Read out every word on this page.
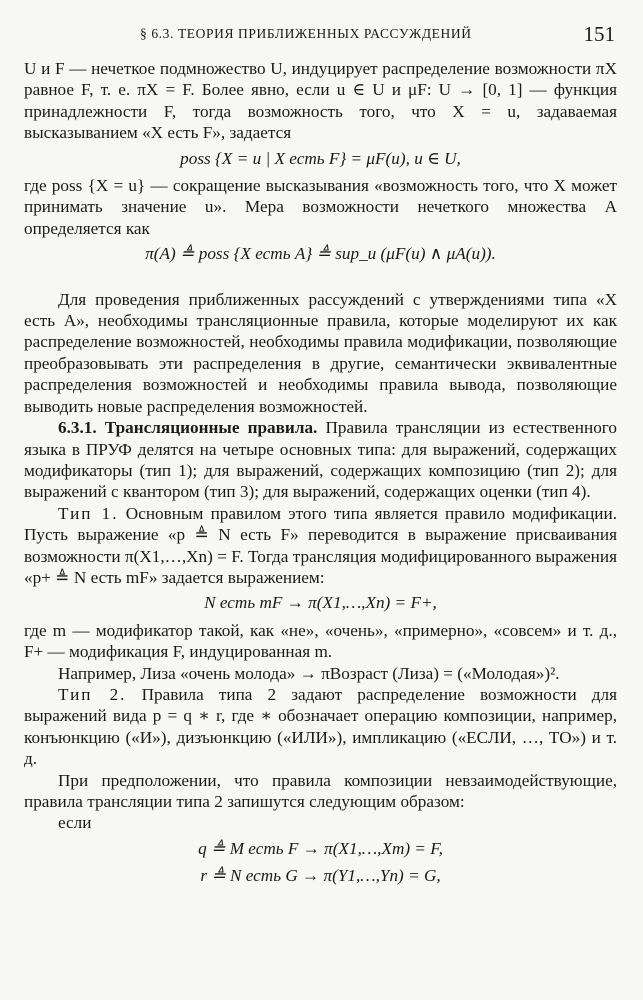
§ 6.3. ТЕОРИЯ ПРИБЛИЖЕННЫХ РАССУЖДЕНИЙ	151

U и F — нечеткое подмножество U, индуцирует распределение возможности πX равное F, т. е. πX = F. Более явно, если u ∈ U и μF: U → [0, 1] — функция принадлежности F, тогда возможность того, что X = u, задаваемая высказыванием «X есть F», задается

poss {X = u | X есть F} = μF(u), u ∈ U,

где poss {X = u} — сокращение высказывания «возможность того, что X может принимать значение u». Мера возможности нечеткого множества A определяется как

π(A) ≜ poss {X есть A} ≜ sup_u (μF(u) ∧ μA(u)).

Для проведения приближенных рассуждений с утверждениями типа «X есть A», необходимы трансляционные правила, которые моделируют их как распределение возможностей, необходимы правила модификации, позволяющие преобразовывать эти распределения в другие, семантически эквивалентные распределения возможностей и необходимы правила вывода, позволяющие выводить новые распределения возможностей.

6.3.1. Трансляционные правила. Правила трансляции из естественного языка в ПРУФ делятся на четыре основных типа: для выражений, содержащих модификаторы (тип 1); для выражений, содержащих композицию (тип 2); для выражений с квантором (тип 3); для выражений, содержащих оценки (тип 4).

Тип 1. Основным правилом этого типа является правило модификации. Пусть выражение «p ≜ N есть F» переводится в выражение присваивания возможности π(X1,…,Xn) = F. Тогда трансляция модифицированного выражения «p+ ≜ N есть mF» задается выражением:

N есть mF → π(X1,…,Xn) = F+,

где m — модификатор такой, как «не», «очень», «примерно», «совсем» и т. д., F+ — модификация F, индуцированная m.

Например, Лиза «очень молода» → πВозраст (Лиза) = («Молодая»)².

Тип 2. Правила типа 2 задают распределение возможности для выражений вида p = q ∗ r, где ∗ обозначает операцию композиции, например, конъюнкцию («И»), дизъюнкцию («ИЛИ»), импликацию («ЕСЛИ, …, ТО») и т. д.

При предположении, что правила композиции невзаимодействующие, правила трансляции типа 2 запишутся следующим образом:

если
q ≜ M есть F → π(X1,…,Xm) = F,
r ≜ N есть G → π(Y1,…,Yn) = G,
